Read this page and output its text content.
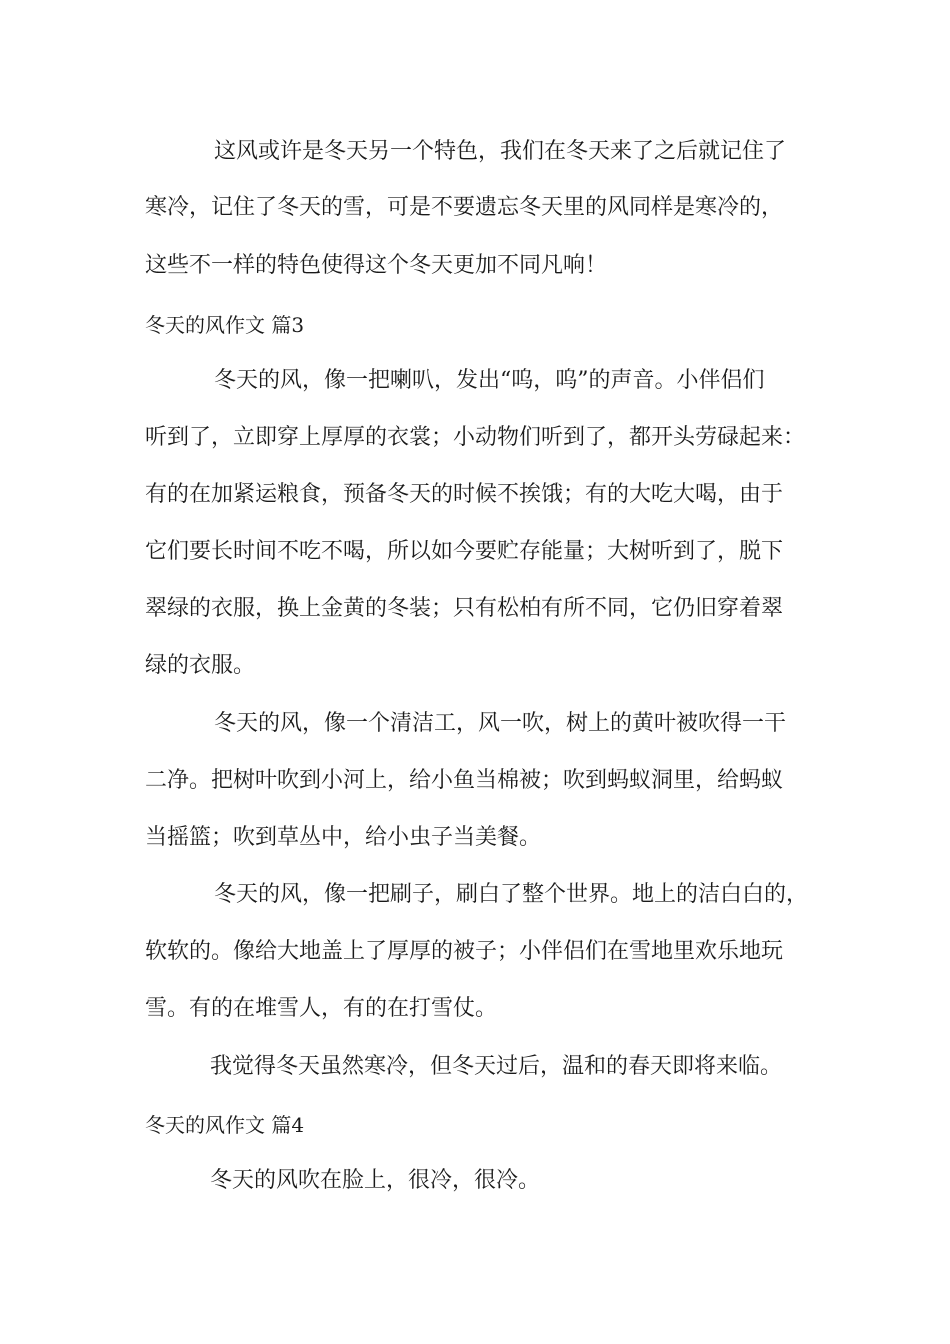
这风或许是冬天另一个特色，我们在冬天来了之后就记住了
寒冷，记住了冬天的雪，可是不要遗忘冬天里的风同样是寒冷的，
这些不一样的特色使得这个冬天更加不同凡响！
冬天的风作文 篇3
冬天的风，像一把喇叭，发出“呜，呜”的声音。小伴侣们
听到了，立即穿上厚厚的衣裳；小动物们听到了，都开头劳碌起来：
有的在加紧运粮食，预备冬天的时候不挨饿；有的大吃大喝，由于
它们要长时间不吃不喝，所以如今要贮存能量；大树听到了，脱下
翠绿的衣服，换上金黄的冬装；只有松柏有所不同，它仍旧穿着翠
绿的衣服。
冬天的风，像一个清洁工，风一吹，树上的黄叶被吹得一干
二净。把树叶吹到小河上，给小鱼当棉被；吹到蚂蚁洞里，给蚂蚁
当摇篮；吹到草丛中，给小虫子当美餐。
冬天的风，像一把刷子，刷白了整个世界。地上的洁白白的，
软软的。像给大地盖上了厚厚的被子；小伴侣们在雪地里欢乐地玩
雪。有的在堆雪人，有的在打雪仗。
我觉得冬天虽然寒冷，但冬天过后，温和的春天即将来临。
冬天的风作文 篇4
冬天的风吹在脸上，很冷，很冷。
